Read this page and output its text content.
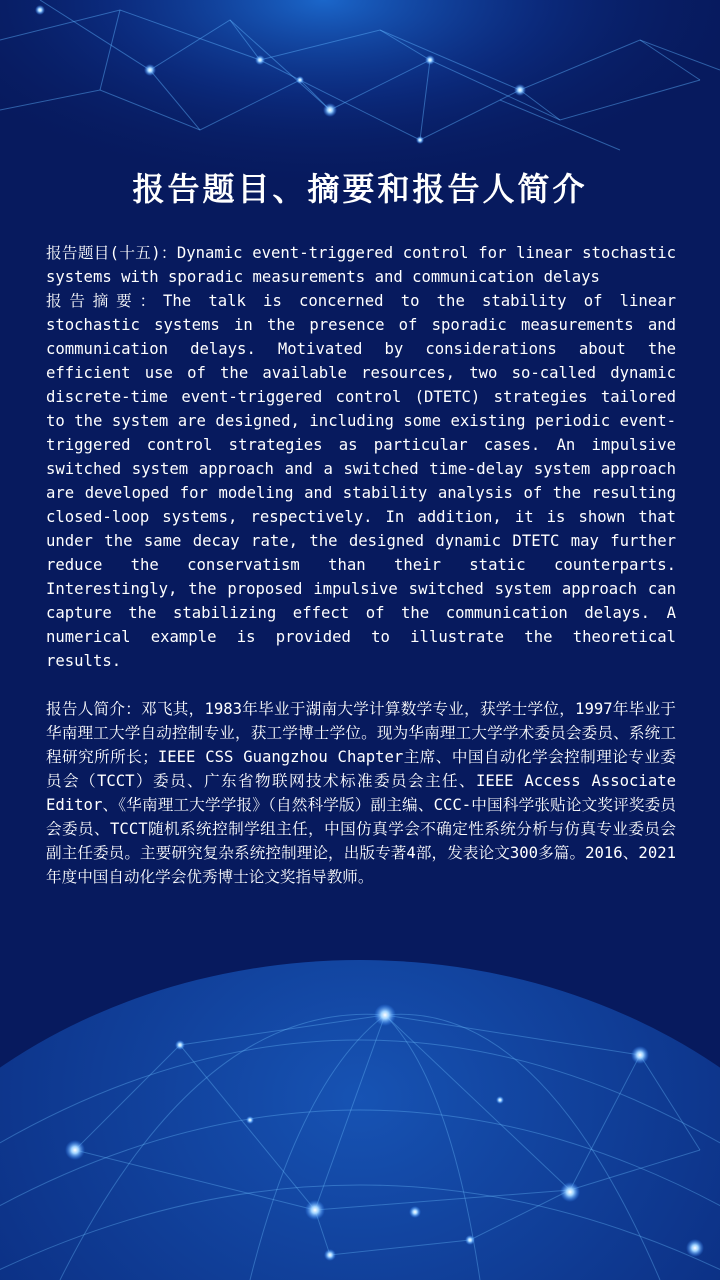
报告题目、摘要和报告人简介

报告题目(十五)：Dynamic event-triggered control for linear stochastic systems with sporadic measurements and communication delays

报告摘要：The talk is concerned to the stability of linear stochastic systems in the presence of sporadic measurements and communication delays. Motivated by considerations about the efficient use of the available resources, two so-called dynamic discrete-time event-triggered control (DTETC) strategies tailored to the system are designed, including some existing periodic event-triggered control strategies as particular cases. An impulsive switched system approach and a switched time-delay system approach are developed for modeling and stability analysis of the resulting closed-loop systems, respectively. In addition, it is shown that under the same decay rate, the designed dynamic DTETC may further reduce the conservatism than their static counterparts. Interestingly, the proposed impulsive switched system approach can capture the stabilizing effect of the communication delays. A numerical example is provided to illustrate the theoretical results.

报告人简介：邓飞其，1983年毕业于湖南大学计算数学专业，获学士学位，1997年毕业于华南理工大学自动控制专业，获工学博士学位。现为华南理工大学学术委员会委员、系统工程研究所所长；IEEE CSS Guangzhou Chapter主席、中国自动化学会控制理论专业委员会（TCCT）委员、广东省物联网技术标准委员会主任、IEEE Access Associate Editor、《华南理工大学学报》（自然科学版）副主编、CCC-中国科学张贴论文奖评奖委员会委员、TCCT随机系统控制学组主任，中国仿真学会不确定性系统分析与仿真专业委员会副主任委员。主要研究复杂系统控制理论，出版专著4部，发表论文300多篇。2016、2021年度中国自动化学会优秀博士论文奖指导教师。
